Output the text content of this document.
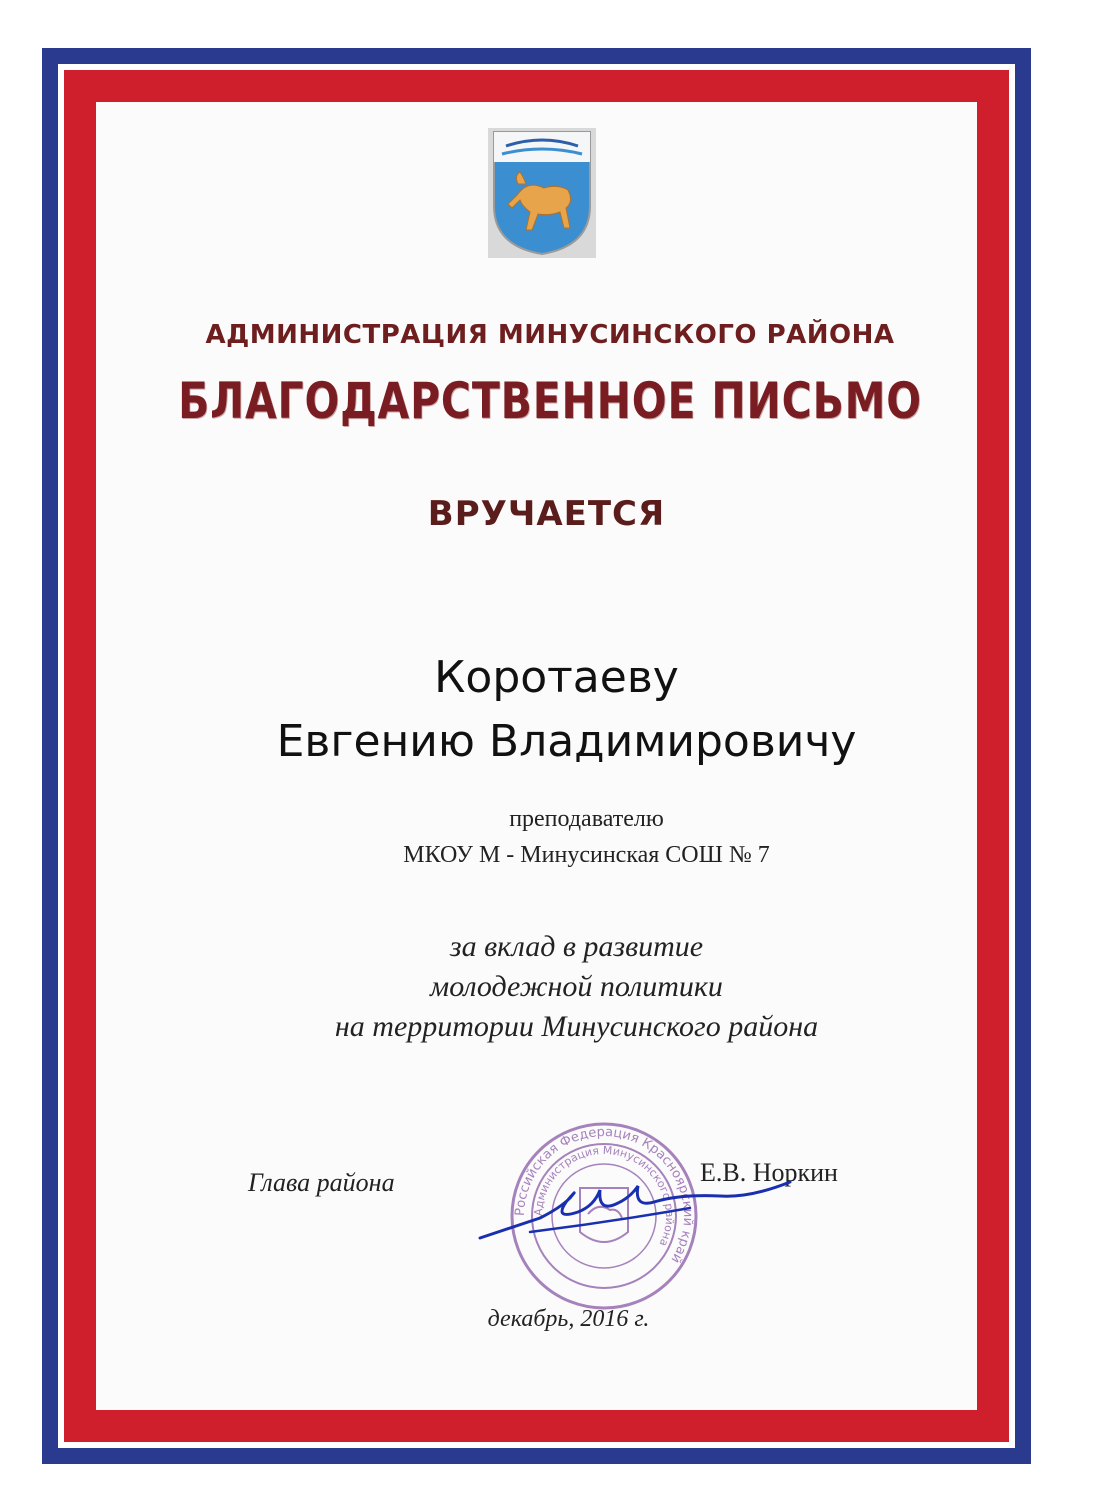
АДМИНИСТРАЦИЯ МИНУСИНСКОГО РАЙОНА

БЛАГОДАРСТВЕННОЕ ПИСЬМО

ВРУЧАЕТСЯ

Коротаеву

Евгению Владимировичу

преподавателю

МКОУ М - Минусинская СОШ № 7

за вклад в развитие

молодежной политики

на территории Минусинского района

Российская Федерация Красноярский край
Администрация Минусинского района
Глава района	Е.В. Норкин

декабрь, 2016 г.
